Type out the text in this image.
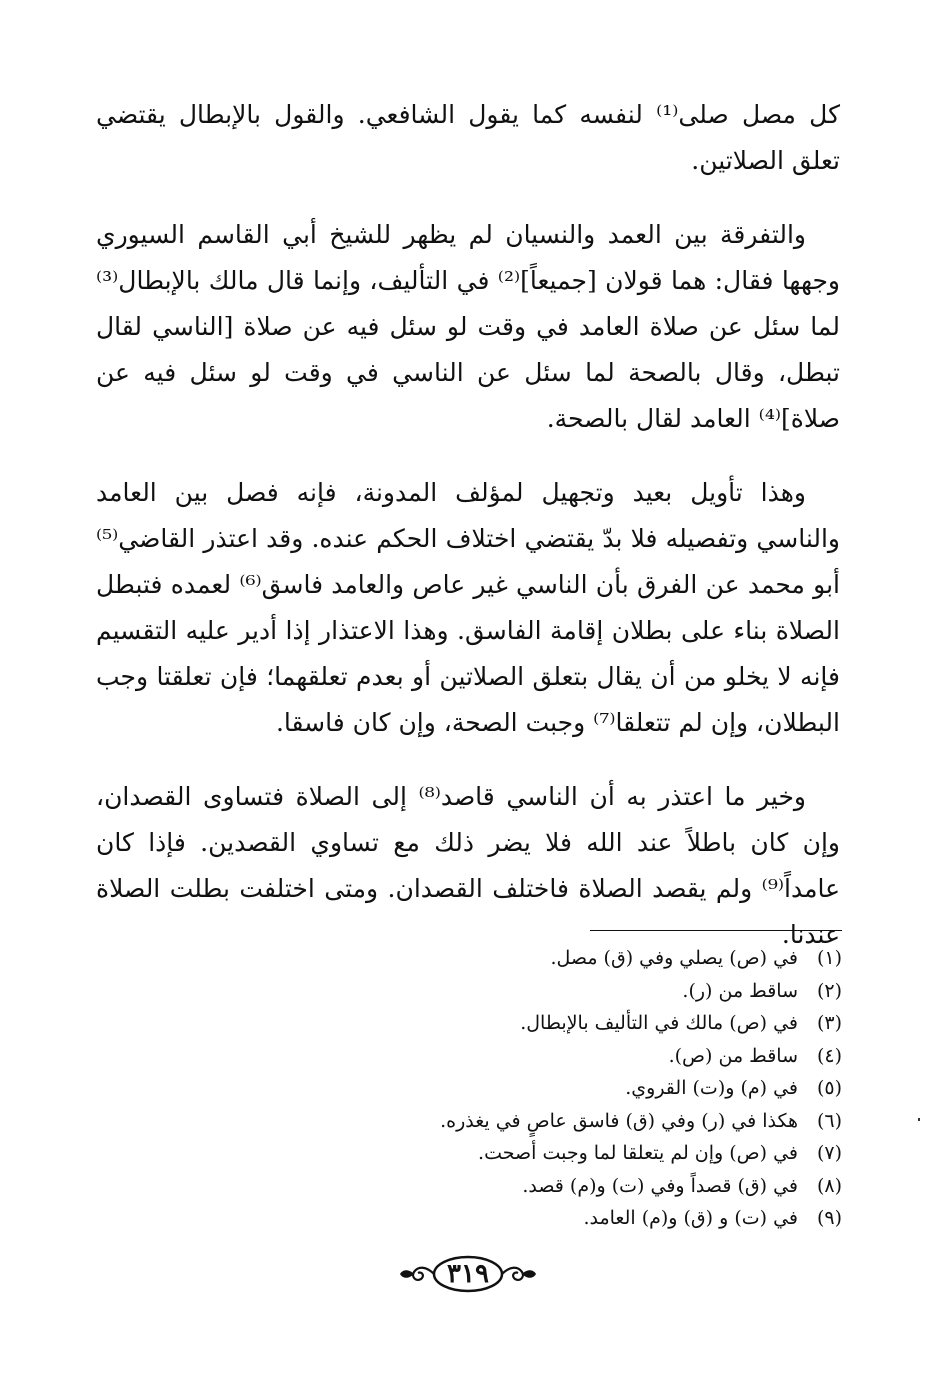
كل مصل صلى⁽¹⁾ لنفسه كما يقول الشافعي. والقول بالإبطال يقتضي تعلق الصلاتين.

والتفرقة بين العمد والنسيان لم يظهر للشيخ أبي القاسم السيوري وجهها فقال: هما قولان [جميعاً]⁽²⁾ في التأليف، وإنما قال مالك بالإبطال⁽³⁾ لما سئل عن صلاة العامد في وقت لو سئل فيه عن صلاة [الناسي لقال تبطل، وقال بالصحة لما سئل عن الناسي في وقت لو سئل فيه عن صلاة]⁽⁴⁾ العامد لقال بالصحة.

وهذا تأويل بعيد وتجهيل لمؤلف المدونة، فإنه فصل بين العامد والناسي وتفصيله فلا بدّ يقتضي اختلاف الحكم عنده. وقد اعتذر القاضي⁽⁵⁾ أبو محمد عن الفرق بأن الناسي غير عاص والعامد فاسق⁽⁶⁾ لعمده فتبطل الصلاة بناء على بطلان إقامة الفاسق. وهذا الاعتذار إذا أدير عليه التقسيم فإنه لا يخلو من أن يقال بتعلق الصلاتين أو بعدم تعلقهما؛ فإن تعلقتا وجب البطلان، وإن لم تتعلقا⁽⁷⁾ وجبت الصحة، وإن كان فاسقا.

وخير ما اعتذر به أن الناسي قاصد⁽⁸⁾ إلى الصلاة فتساوى القصدان، وإن كان باطلاً عند الله فلا يضر ذلك مع تساوي القصدين. فإذا كان عامداً⁽⁹⁾ ولم يقصد الصلاة فاختلف القصدان. ومتى اختلفت بطلت الصلاة عندنا.

(١)
في (ص) يصلي وفي (ق) مصل.
(٢)
ساقط من (ر).
(٣)
في (ص) مالك في التأليف بالإبطال.
(٤)
ساقط من (ص).
(٥)
في (م) و(ت) القروي.
(٦)
هكذا في (ر) وفي (ق) فاسق عاصٍ في يغذره.
(٧)
في (ص) وإن لم يتعلقا لما وجبت أصحت.
(٨)
في (ق) قصداً وفي (ت) و(م) قصد.
(٩)
في (ت) و (ق) و(م) العامد.
٣١٩
